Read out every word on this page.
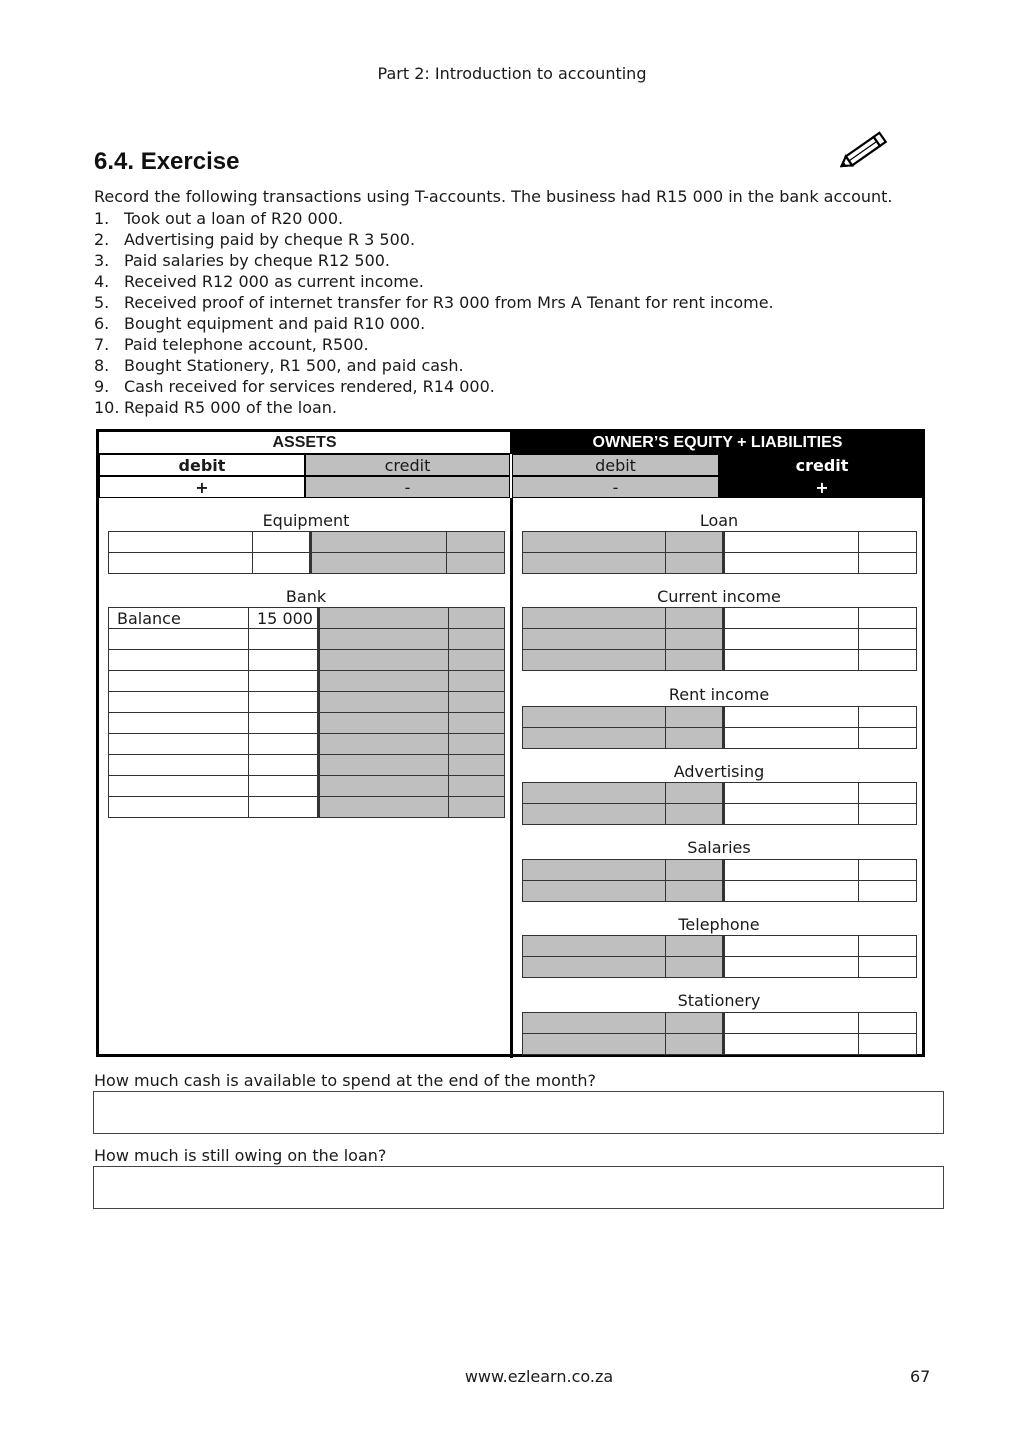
Part 2: Introduction to accounting
6.4. Exercise
Record the following transactions using T-accounts. The business had R15 000 in the bank account.
1. Took out a loan of R20 000.
2. Advertising paid by cheque R 3 500.
3. Paid salaries by cheque R12 500.
4. Received R12 000 as current income.
5. Received proof of internet transfer for R3 000 from Mrs A Tenant for rent income.
6. Bought equipment and paid R10 000.
7. Paid telephone account, R500.
8. Bought Stationery, R1 500, and paid cash.
9. Cash received for services rendered, R14 000.
10. Repaid R5 000 of the loan.
ASSETS	OWNER’S EQUITY + LIABILITIES
debit	credit	debit	credit
+	-	-	+
Equipment

Bank
Balance	15 000		

Loan

Current income

Rent income

Advertising

Salaries

Telephone

Stationery

How much cash is available to spend at the end of the month?
How much is still owing on the loan?
www.ezlearn.co.za	67
